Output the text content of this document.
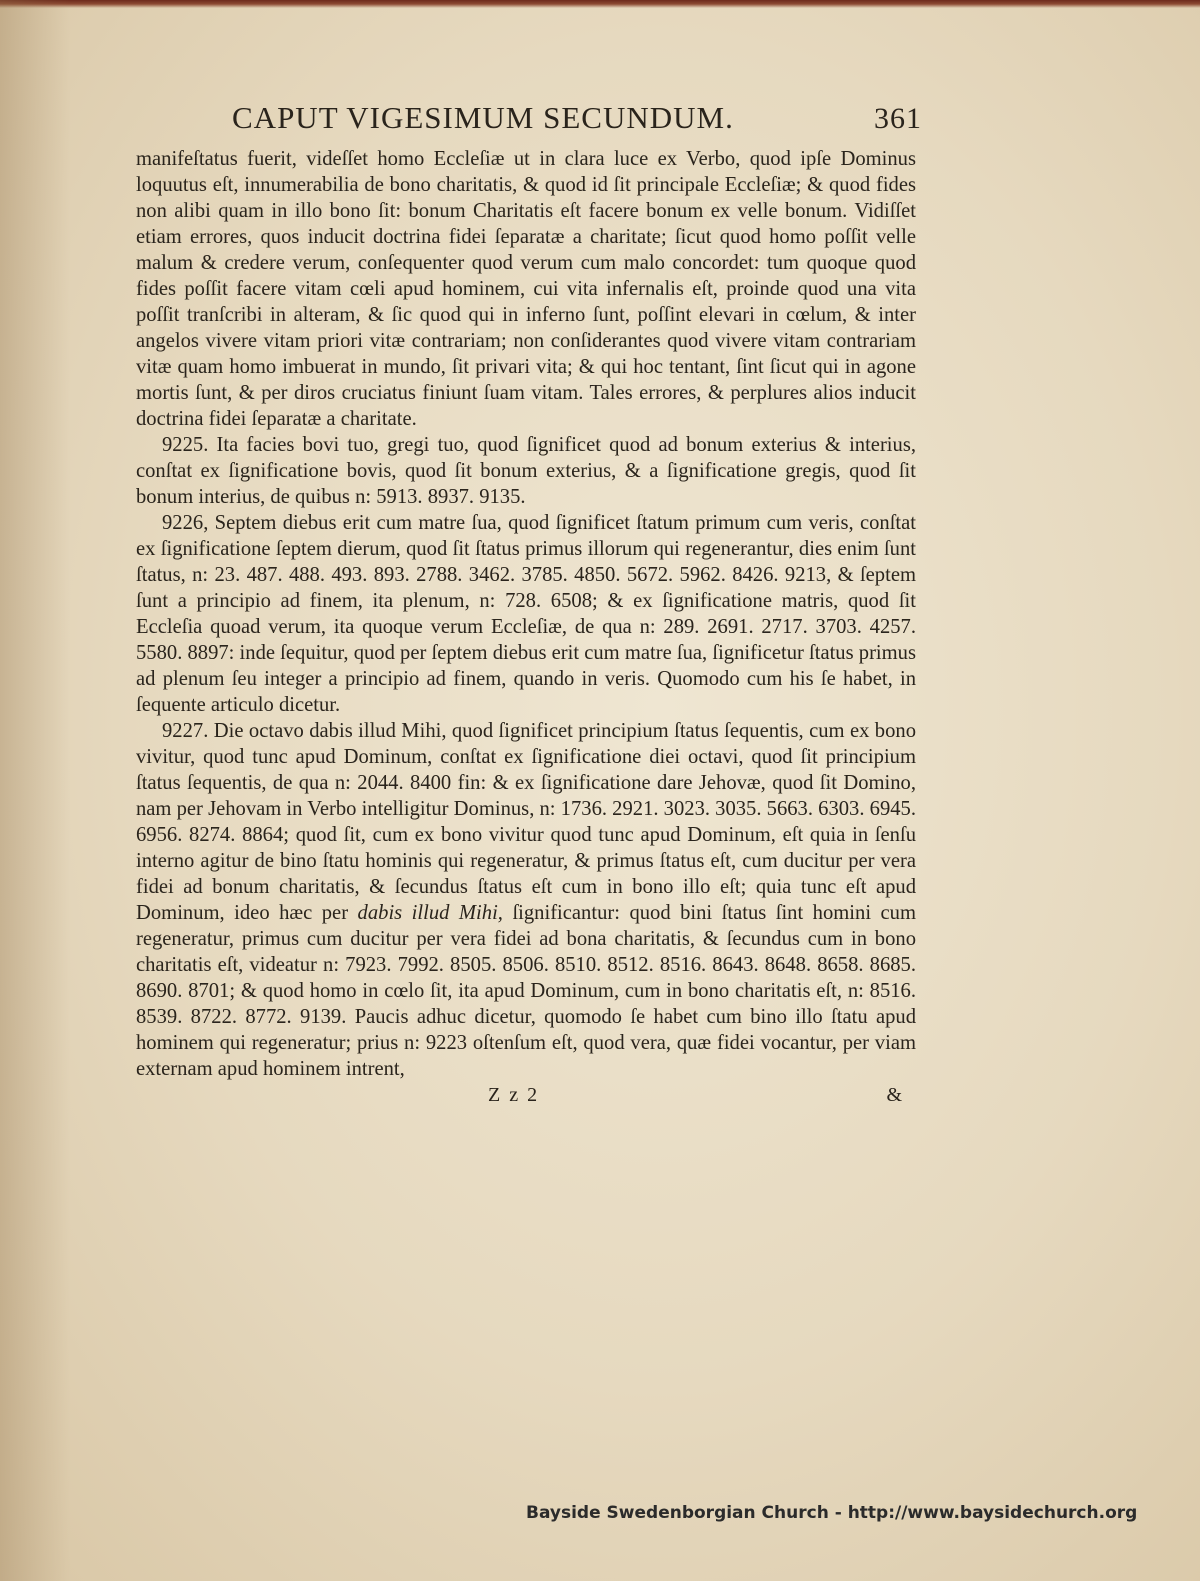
CAPUT VIGESIMUM SECUNDUM.	361

manifeſtatus fuerit, videſſet homo Eccleſiæ ut in clara luce ex Verbo, quod ipſe Dominus loquutus eſt, innumerabilia de bono charitatis, & quod id ſit principale Eccleſiæ; & quod fides non alibi quam in illo bono ſit: bonum Charitatis eſt facere bonum ex velle bonum. Vidiſſet etiam errores, quos inducit doctrina fidei ſeparatæ a charitate; ſicut quod homo poſſit velle malum & credere verum, conſequenter quod verum cum malo concordet: tum quoque quod fides poſſit facere vitam cœli apud hominem, cui vita infernalis eſt, proinde quod una vita poſſit tranſcribi in alteram, & ſic quod qui in inferno ſunt, poſſint elevari in cœlum, & inter angelos vivere vitam priori vitæ contrariam; non conſiderantes quod vivere vitam contrariam vitæ quam homo imbuerat in mundo, ſit privari vita; & qui hoc tentant, ſint ſicut qui in agone mortis ſunt, & per diros cruciatus finiunt ſuam vitam. Tales errores, & perplures alios inducit doctrina fidei ſeparatæ a charitate.

9225. Ita facies bovi tuo, gregi tuo, quod ſignificet quod ad bonum exterius & interius, conſtat ex ſignificatione bovis, quod ſit bonum exterius, & a ſignificatione gregis, quod ſit bonum interius, de quibus n: 5913. 8937. 9135.

9226, Septem diebus erit cum matre ſua, quod ſignificet ſtatum primum cum veris, conſtat ex ſignificatione ſeptem dierum, quod ſit ſtatus primus illorum qui regenerantur, dies enim ſunt ſtatus, n: 23. 487. 488. 493. 893. 2788. 3462. 3785. 4850. 5672. 5962. 8426. 9213, & ſeptem ſunt a principio ad finem, ita plenum, n: 728. 6508; & ex ſignificatione matris, quod ſit Eccleſia quoad verum, ita quoque verum Eccleſiæ, de qua n: 289. 2691. 2717. 3703. 4257. 5580. 8897: inde ſequitur, quod per ſeptem diebus erit cum matre ſua, ſignificetur ſtatus primus ad plenum ſeu integer a principio ad finem, quando in veris. Quomodo cum his ſe habet, in ſequente articulo dicetur.

9227. Die octavo dabis illud Mihi, quod ſignificet principium ſtatus ſequentis, cum ex bono vivitur, quod tunc apud Dominum, conſtat ex ſignificatione diei octavi, quod ſit principium ſtatus ſequentis, de qua n: 2044. 8400 fin: & ex ſignificatione dare Jehovæ, quod ſit Domino, nam per Jehovam in Verbo intelligitur Dominus, n: 1736. 2921. 3023. 3035. 5663. 6303. 6945. 6956. 8274. 8864; quod ſit, cum ex bono vivitur quod tunc apud Dominum, eſt quia in ſenſu interno agitur de bino ſtatu hominis qui regeneratur, & primus ſtatus eſt, cum ducitur per vera fidei ad bonum charitatis, & ſecundus ſtatus eſt cum in bono illo eſt; quia tunc eſt apud Dominum, ideo hæc per dabis illud Mihi, ſignificantur: quod bini ſtatus ſint homini cum regeneratur, primus cum ducitur per vera fidei ad bona charitatis, & ſecundus cum in bono charitatis eſt, videatur n: 7923. 7992. 8505. 8506. 8510. 8512. 8516. 8643. 8648. 8658. 8685. 8690. 8701; & quod homo in cœlo ſit, ita apud Dominum, cum in bono charitatis eſt, n: 8516. 8539. 8722. 8772. 9139. Paucis adhuc dicetur, quomodo ſe habet cum bino illo ſtatu apud hominem qui regeneratur; prius n: 9223 oſtenſum eſt, quod vera, quæ fidei vocantur, per viam externam apud hominem intrent,

Z z 2	&
Bayside Swedenborgian Church - http://www.baysidechurch.org
